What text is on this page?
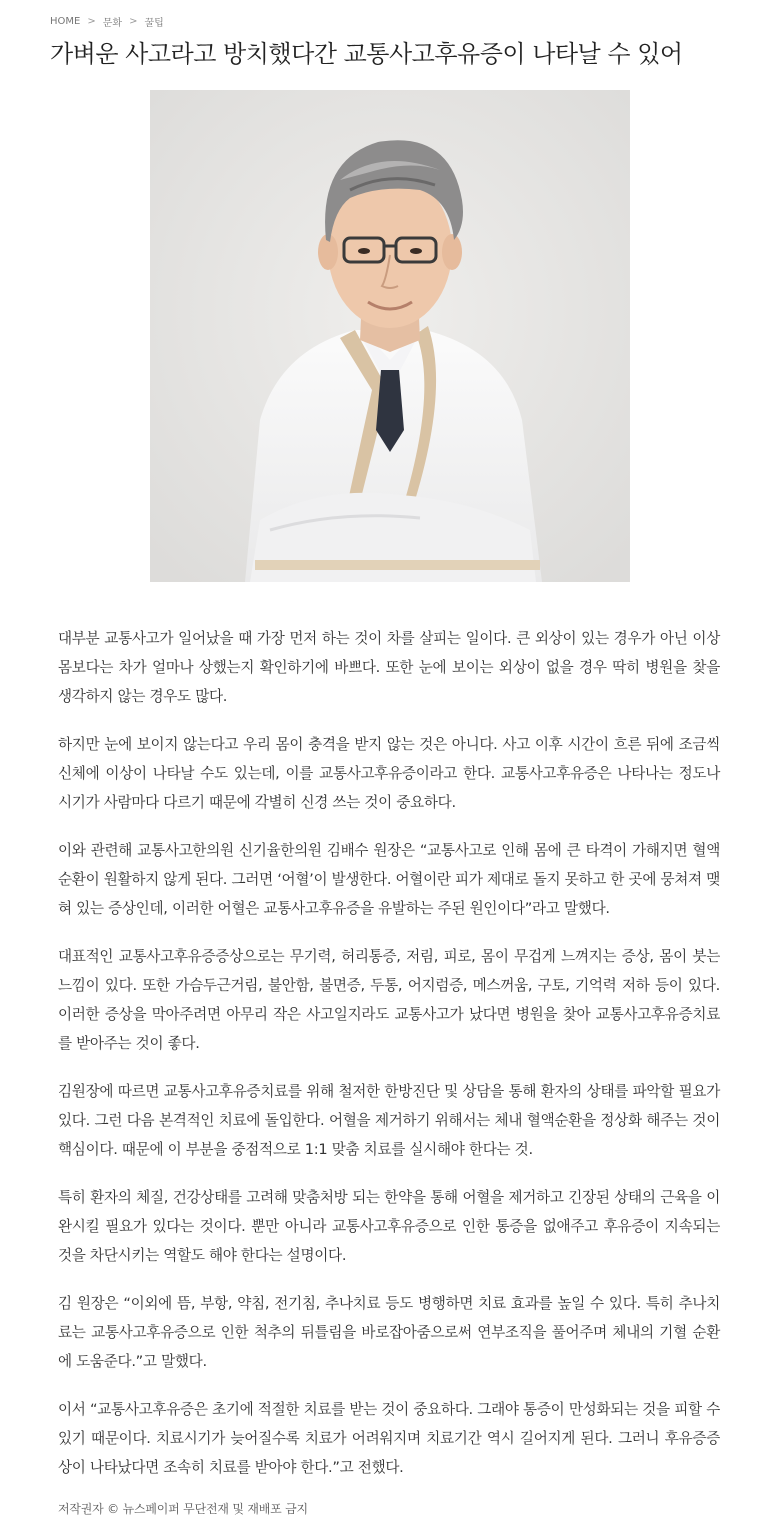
HOME > 문화 > 꿀팁
가벼운 사고라고 방치했다간 교통사고후유증이 나타날 수 있어

대부분 교통사고가 일어났을 때 가장 먼저 하는 것이 차를 살피는 일이다. 큰 외상이 있는 경우가 아닌 이상 몸보다는 차가 얼마나 상했는지 확인하기에 바쁘다. 또한 눈에 보이는 외상이 없을 경우 딱히 병원을 찾을 생각하지 않는 경우도 많다.

하지만 눈에 보이지 않는다고 우리 몸이 충격을 받지 않는 것은 아니다. 사고 이후 시간이 흐른 뒤에 조금씩 신체에 이상이 나타날 수도 있는데, 이를 교통사고후유증이라고 한다. 교통사고후유증은 나타나는 정도나 시기가 사람마다 다르기 때문에 각별히 신경 쓰는 것이 중요하다.

이와 관련해 교통사고한의원 신기율한의원 김배수 원장은 “교통사고로 인해 몸에 큰 타격이 가해지면 혈액순환이 원활하지 않게 된다. 그러면 ‘어혈’이 발생한다. 어혈이란 피가 제대로 돌지 못하고 한 곳에 뭉쳐져 맺혀 있는 증상인데, 이러한 어혈은 교통사고후유증을 유발하는 주된 원인이다”라고 말했다.

대표적인 교통사고후유증증상으로는 무기력, 허리통증, 저림, 피로, 몸이 무겁게 느껴지는 증상, 몸이 붓는 느낌이 있다. 또한 가슴두근거림, 불안함, 불면증, 두통, 어지럼증, 메스꺼움, 구토, 기억력 저하 등이 있다. 이러한 증상을 막아주려면 아무리 작은 사고일지라도 교통사고가 났다면 병원을 찾아 교통사고후유증치료를 받아주는 것이 좋다.

김원장에 따르면 교통사고후유증치료를 위해 철저한 한방진단 및 상담을 통해 환자의 상태를 파악할 필요가 있다. 그런 다음 본격적인 치료에 돌입한다. 어혈을 제거하기 위해서는 체내 혈액순환을 정상화 해주는 것이 핵심이다. 때문에 이 부분을 중점적으로 1:1 맞춤 치료를 실시해야 한다는 것.

특히 환자의 체질, 건강상태를 고려해 맞춤처방 되는 한약을 통해 어혈을 제거하고 긴장된 상태의 근육을 이완시킬 필요가 있다는 것이다. 뿐만 아니라 교통사고후유증으로 인한 통증을 없애주고 후유증이 지속되는 것을 차단시키는 역할도 해야 한다는 설명이다.

김 원장은 “이외에 뜸, 부항, 약침, 전기침, 추나치료 등도 병행하면 치료 효과를 높일 수 있다. 특히 추나치료는 교통사고후유증으로 인한 척추의 뒤틀림을 바로잡아줌으로써 연부조직을 풀어주며 체내의 기혈 순환에 도움준다.”고 말했다.

이서 “교통사고후유증은 초기에 적절한 치료를 받는 것이 중요하다. 그래야 통증이 만성화되는 것을 피할 수 있기 때문이다. 치료시기가 늦어질수록 치료가 어려워지며 치료기간 역시 길어지게 된다. 그러니 후유증증상이 나타났다면 조속히 치료를 받아야 한다.”고 전했다.

저작권자 © 뉴스페이퍼 무단전재 및 재배포 금지
